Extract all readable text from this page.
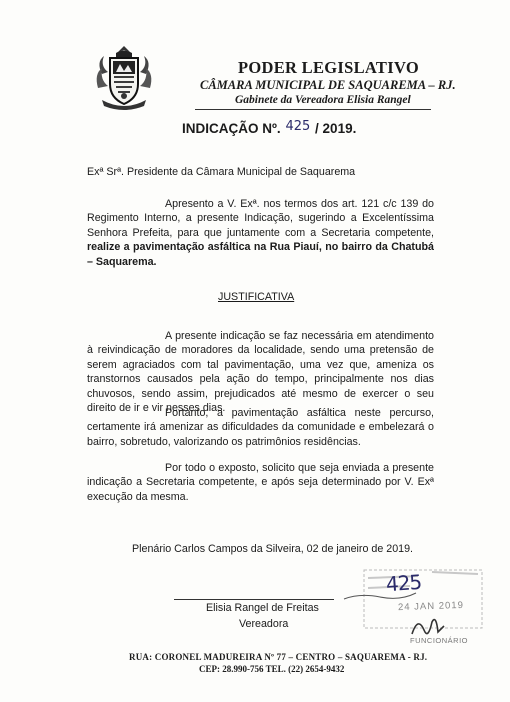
PODER LEGISLATIVO
CÂMARA MUNICIPAL DE SAQUAREMA – RJ.
Gabinete da Vereadora Elisia Rangel
INDICAÇÃO Nº. 425 / 2019.
Exª Srª. Presidente da Câmara Municipal de Saquarema
Apresento a V. Exª. nos termos dos art. 121 c/c 139 do Regimento Interno, a presente Indicação, sugerindo a Excelentíssima Senhora Prefeita, para que juntamente com a Secretaria competente, realize a pavimentação asfáltica na Rua Piauí, no bairro da Chatubá – Saquarema.
JUSTIFICATIVA
A presente indicação se faz necessária em atendimento à reivindicação de moradores da localidade, sendo uma pretensão de serem agraciados com tal pavimentação, uma vez que, ameniza os transtornos causados pela ação do tempo, principalmente nos dias chuvosos, sendo assim, prejudicados até mesmo de exercer o seu direito de ir e vir nesses dias.
Portanto, a pavimentação asfáltica neste percurso, certamente irá amenizar as dificuldades da comunidade e embelezará o bairro, sobretudo, valorizando os patrimônios residências.
Por todo o exposto, solicito que seja enviada a presente indicação a Secretaria competente, e após seja determinado por V. Exª execução da mesma.
Plenário Carlos Campos da Silveira, 02 de janeiro de 2019.
425
24 JAN 2019
FUNCIONÁRIO
Elisia Rangel de Freitas
Vereadora
RUA: CORONEL MADUREIRA Nº 77 – CENTRO – SAQUAREMA - RJ.
CEP: 28.990-756 TEL. (22) 2654-9432
